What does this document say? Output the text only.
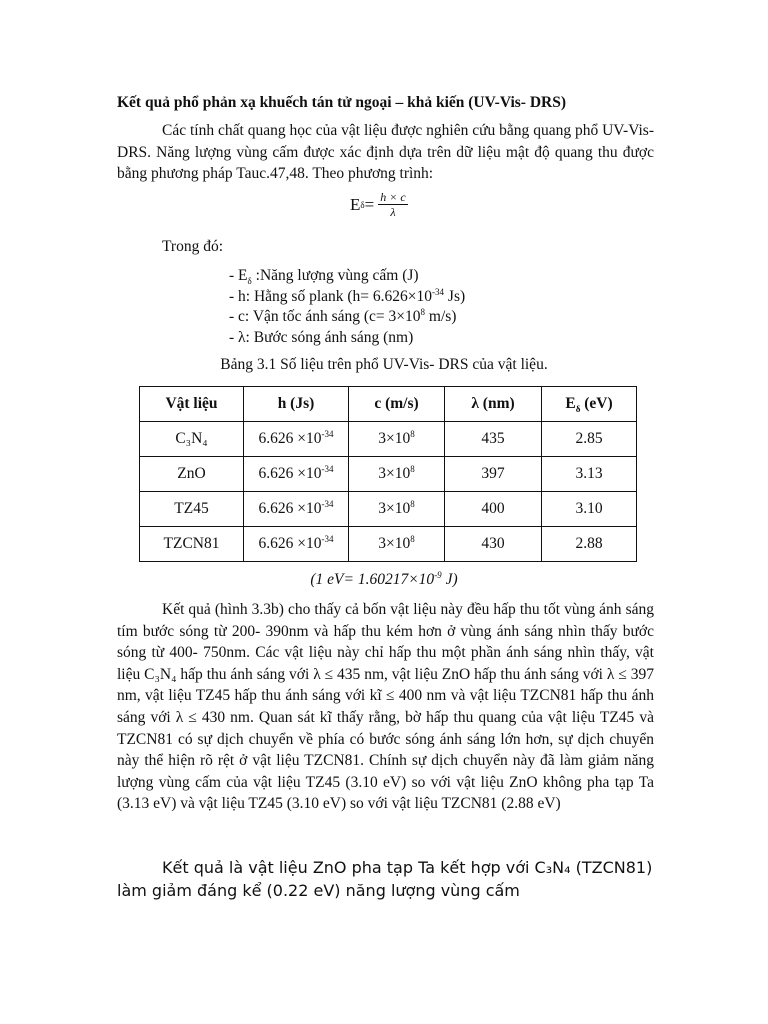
Kết quả phổ phản xạ khuếch tán tử ngoại – khả kiến (UV-Vis- DRS)
Các tính chất quang học của vật liệu được nghiên cứu bằng quang phổ UV-Vis-DRS. Năng lượng vùng cấm được xác định dựa trên dữ liệu mật độ quang thu được bằng phương pháp Tauc.47,48. Theo phương trình:
E $\delta = \frac{h \times c}{\lambda}$
Trong đó:
- $E_\delta$ :Năng lượng vùng cấm (J)
- h: Hằng số plank ($h= 6.626\times 10^{-34}$ Js)
- c: Vận tốc ánh sáng ($c= 3\times 10^8$ m/s)
- λ: Bước sóng ánh sáng (nm)
Bảng 3.1 Số liệu trên phổ UV-Vis- DRS của vật liệu.
Vật liệu	h (Js)	c (m/s)	λ (nm)	$E_\delta$ (eV)
C₃N₄	$6.626 \times 10^{-34}$	$3\times 10^8$	435	2.85
ZnO	$6.626 \times 10^{-34}$	$3\times 10^8$	397	3.13
TZ45	$6.626 \times 10^{-34}$	$3\times 10^8$	400	3.10
TZCN81	$6.626 \times 10^{-34}$	$3\times 10^8$	430	2.88
(1 $eV= 1.60217\times 10^{-9}$ J)
Kết quả (hình 3.3b) cho thấy cả bốn vật liệu này đều hấp thu tốt vùng ánh sáng tím bước sóng từ 200- 390nm và hấp thu kém hơn ở vùng ánh sáng nhìn thấy bước sóng từ 400- 750nm. Các vật liệu này chỉ hấp thu một phần ánh sáng nhìn thấy, vật liệu C₃N₄ hấp thu ánh sáng với λ ≤ 435 nm, vật liệu ZnO hấp thu ánh sáng với λ ≤ 397 nm, vật liệu TZ45 hấp thu ánh sáng với kĩ ≤ 400 nm và vật liệu TZCN81 hấp thu ánh sáng với λ ≤ 430 nm. Quan sát kĩ thấy rằng, bờ hấp thu quang của vật liệu TZ45 và TZCN81 có sự dịch chuyển về phía có bước sóng ánh sáng lớn hơn, sự dịch chuyển này thể hiện rõ rệt ở vật liệu TZCN81. Chính sự dịch chuyển này đã làm giảm năng lượng vùng cấm của vật liệu TZ45 (3.10 eV) so với vật liệu ZnO không pha tạp Ta (3.13 eV) và vật liệu TZ45 (3.10 eV) so với vật liệu TZCN81 (2.88 eV)
Kết quả là vật liệu ZnO pha tạp Ta kết hợp với C₃N₄ (TZCN81) làm giảm đáng kể (0.22 eV) năng lượng vùng cấm
